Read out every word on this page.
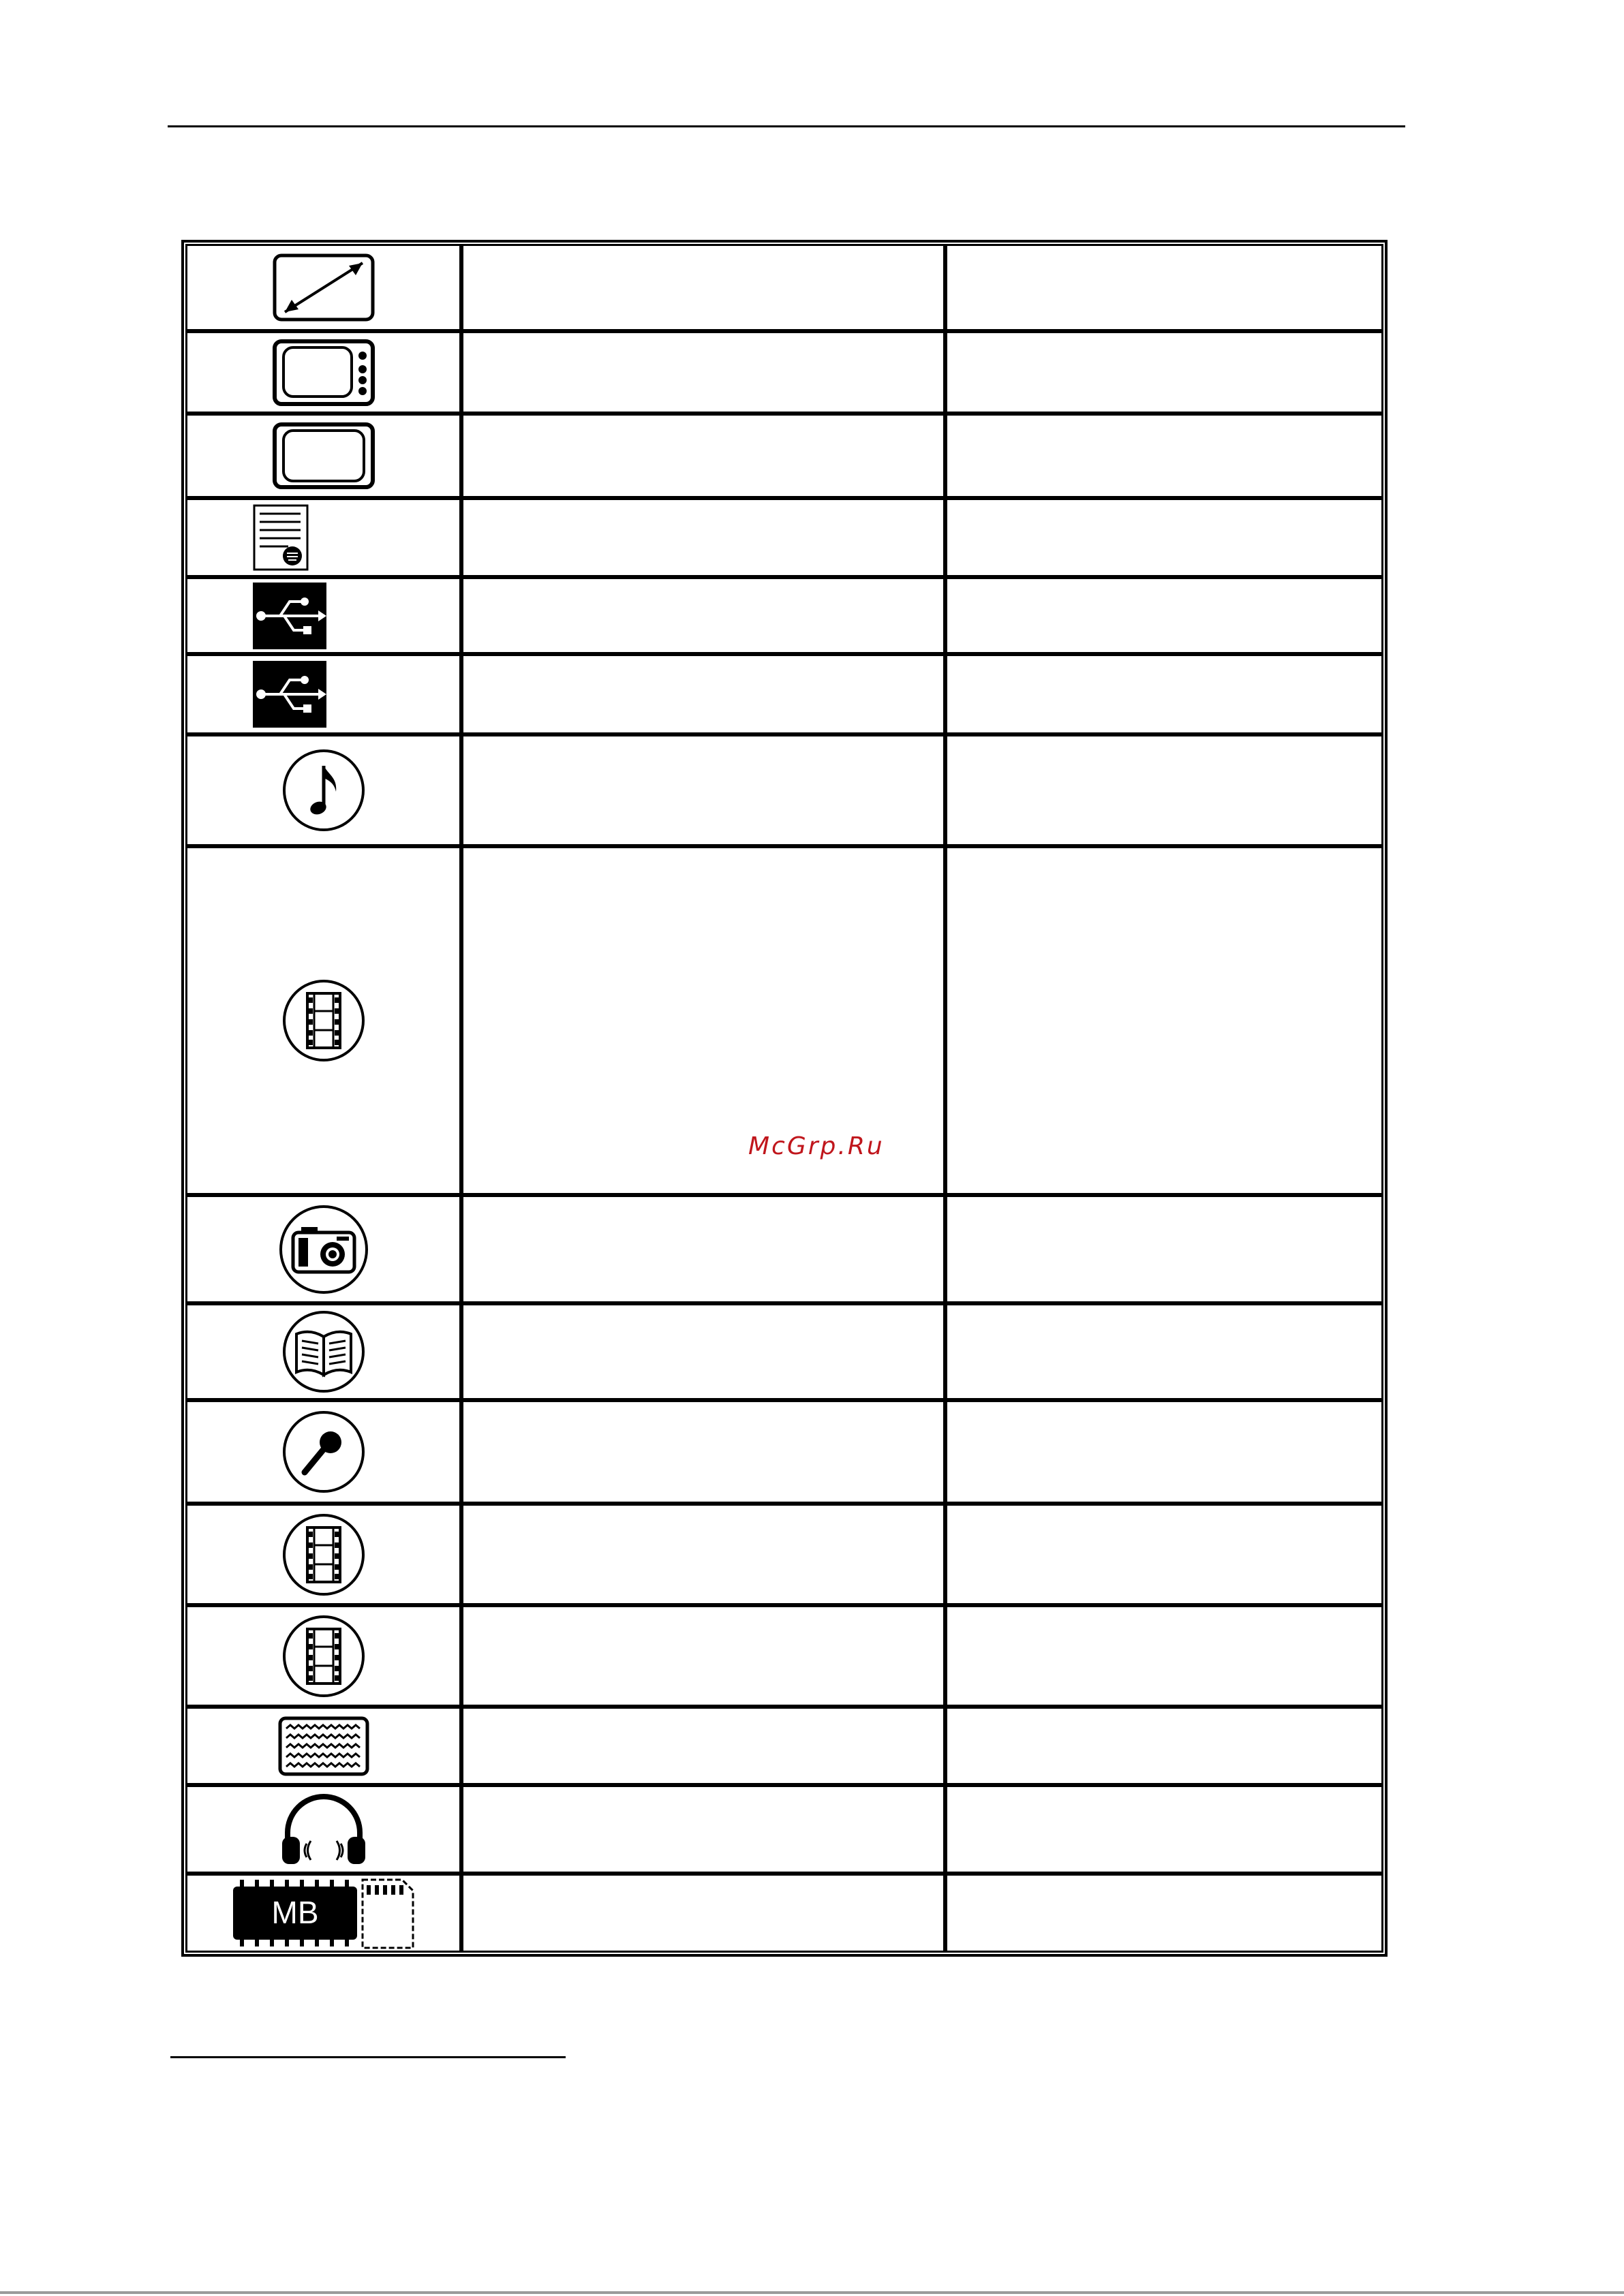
MB
McGrp.Ru
